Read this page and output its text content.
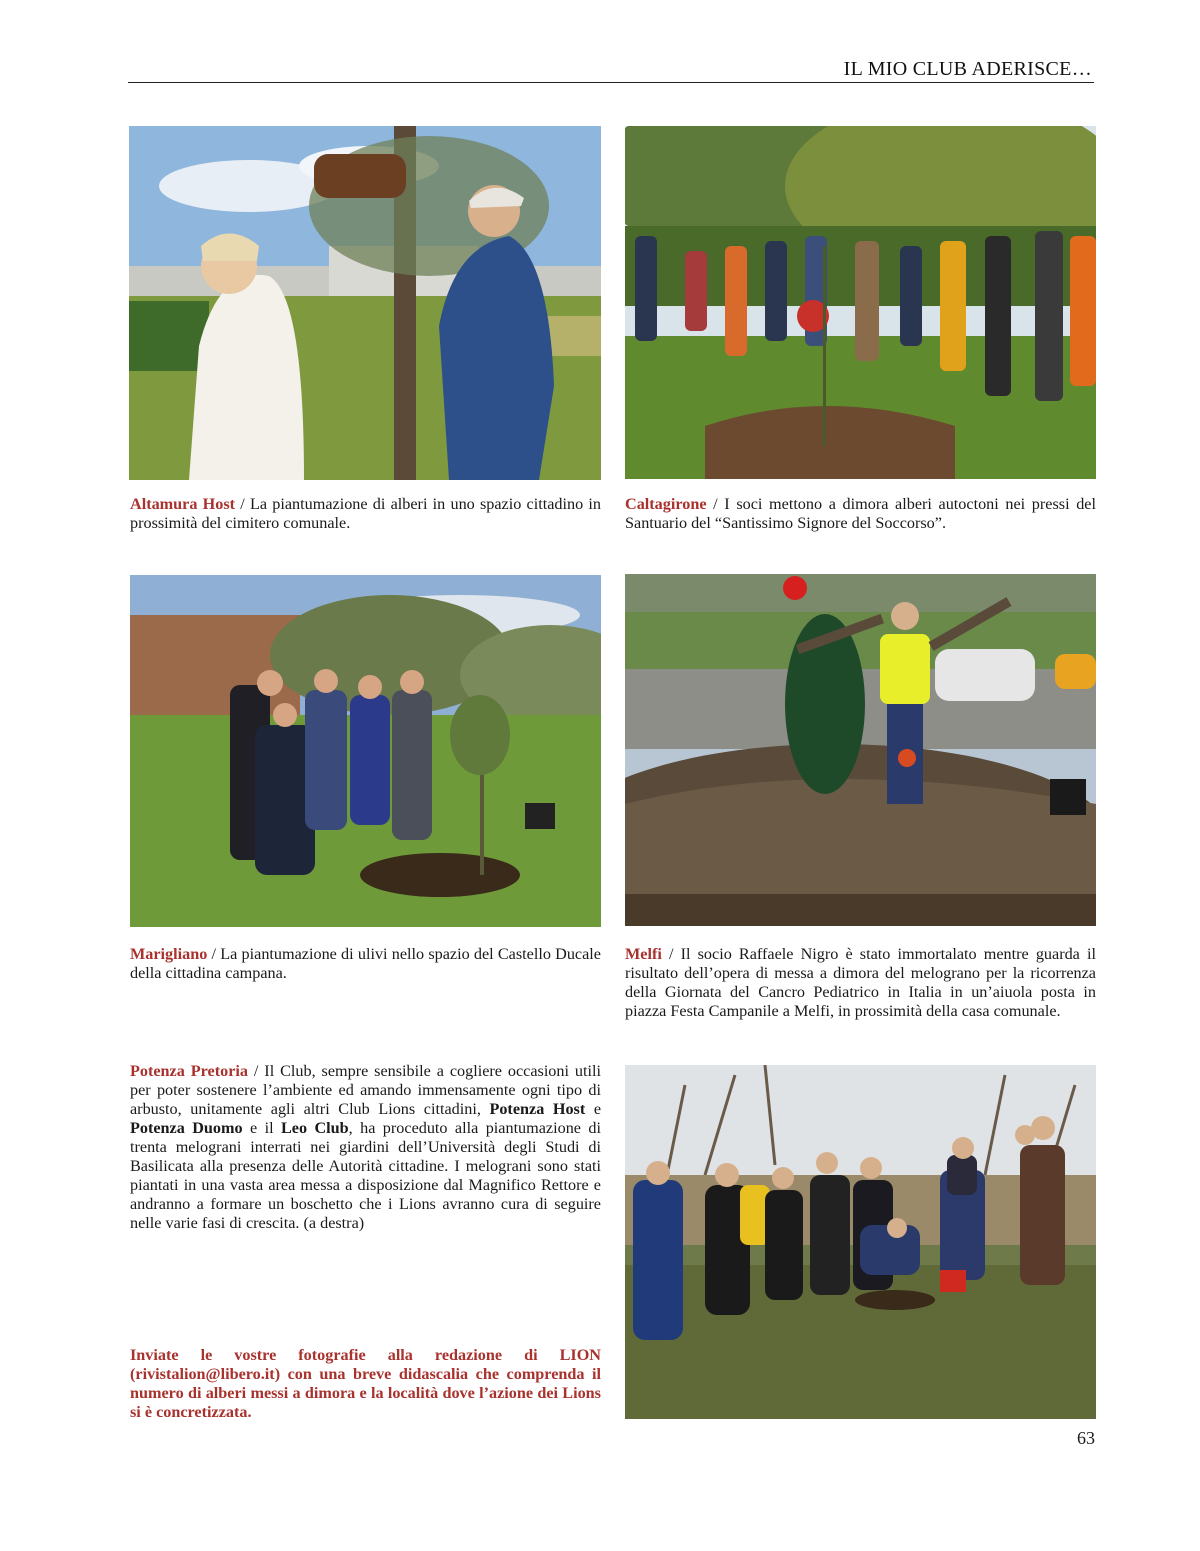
IL MIO CLUB ADERISCE…
Altamura Host / La piantumazione di alberi in uno spazio cittadino in prossimità del cimitero comunale.
Caltagirone / I soci mettono a dimora alberi autoctoni nei pressi del Santuario del “Santissimo Signore del Soccorso”.
Marigliano / La piantumazione di ulivi nello spazio del Castello Ducale della cittadina campana.
Melfi / Il socio Raffaele Nigro è stato immortalato mentre guarda il risultato dell’opera di messa a dimora del melograno per la ricorrenza della Giornata del Cancro Pediatrico in Italia in un’aiuola posta in piazza Festa Campanile a Melfi, in prossimità della casa comunale.
Potenza Pretoria / Il Club, sempre sensibile a cogliere occasioni utili per poter sostenere l’ambiente ed amando immensamente ogni tipo di arbusto, unitamente agli altri Club Lions cittadini, Potenza Host e Potenza Duomo e il Leo Club, ha proceduto alla piantumazione di trenta melograni interrati nei giardini dell’Università degli Studi di Basilicata alla presenza delle Autorità cittadine. I melograni sono stati piantati in una vasta area messa a disposizione dal Magnifico Rettore e andranno a formare un boschetto che i Lions avranno cura di seguire nelle varie fasi di crescita. (a destra)
Inviate le vostre fotografie alla redazione di LION (rivistalion@libero.it) con una breve didascalia che comprenda il numero di alberi messi a dimora e la località dove l’azione dei Lions si è concretizzata.
63
